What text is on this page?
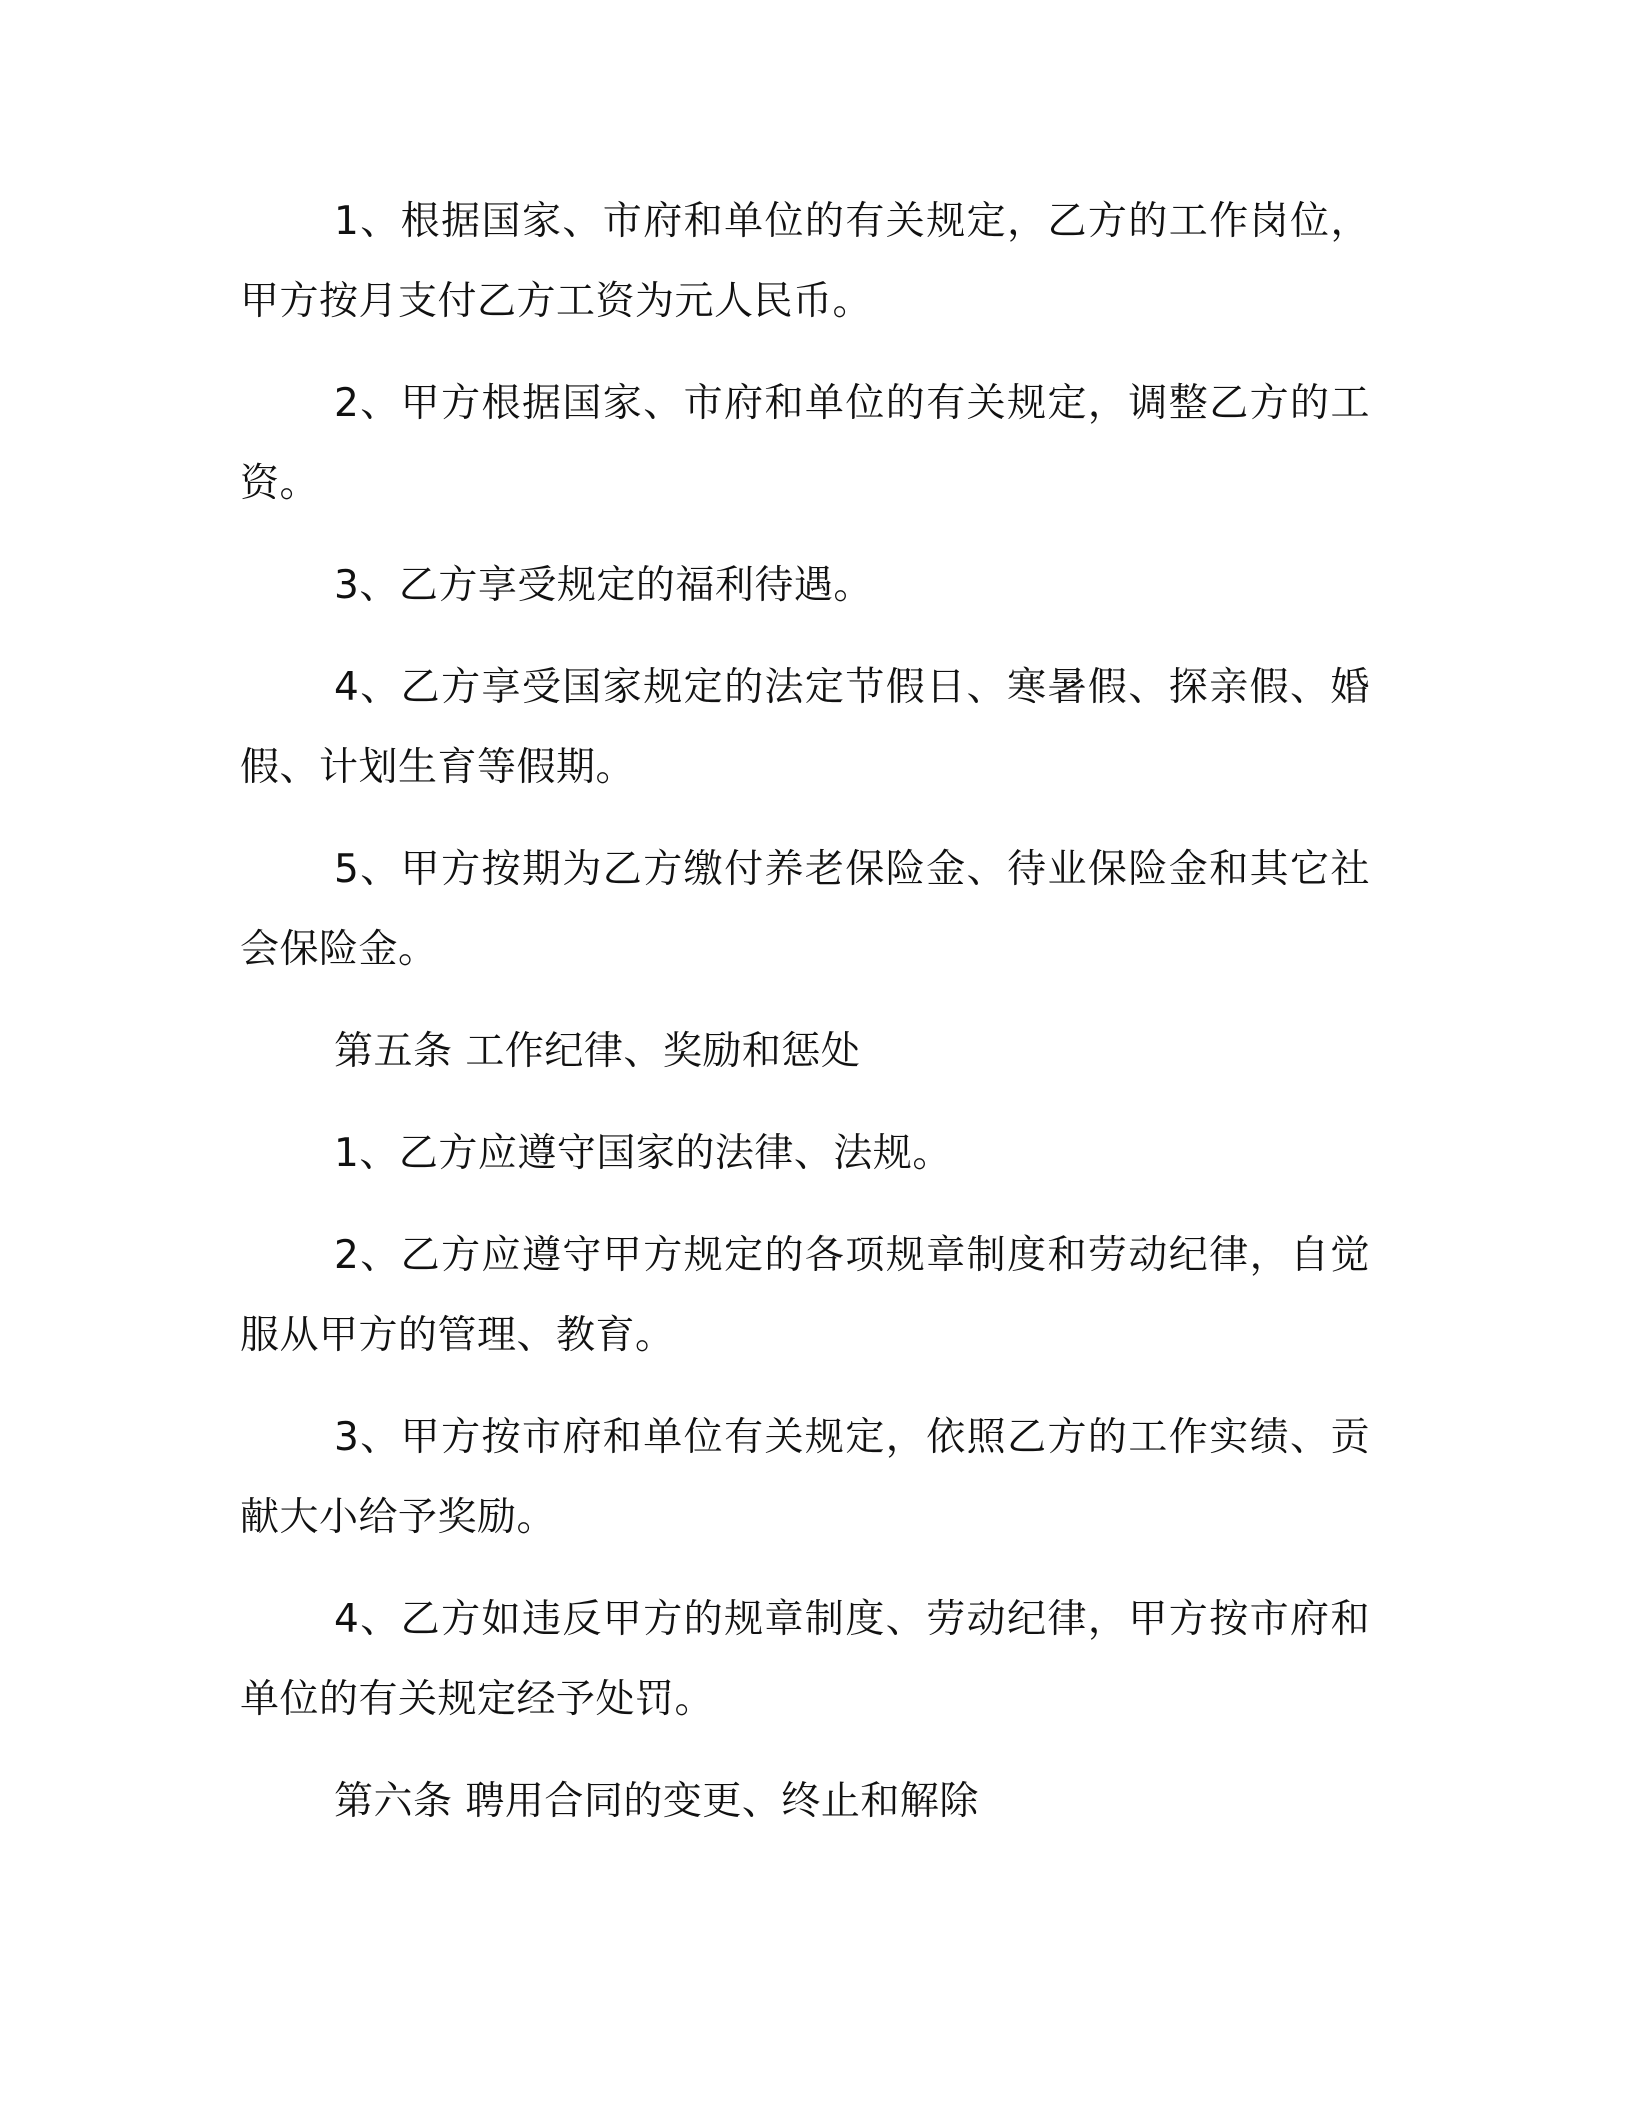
1、根据国家、市府和单位的有关规定，乙方的工作岗位，甲方按月支付乙方工资为元人民币。

2、甲方根据国家、市府和单位的有关规定，调整乙方的工资。

3、乙方享受规定的福利待遇。

4、乙方享受国家规定的法定节假日、寒暑假、探亲假、婚假、计划生育等假期。

5、甲方按期为乙方缴付养老保险金、待业保险金和其它社会保险金。

第五条 工作纪律、奖励和惩处

1、乙方应遵守国家的法律、法规。

2、乙方应遵守甲方规定的各项规章制度和劳动纪律，自觉服从甲方的管理、教育。

3、甲方按市府和单位有关规定，依照乙方的工作实绩、贡献大小给予奖励。

4、乙方如违反甲方的规章制度、劳动纪律，甲方按市府和单位的有关规定经予处罚。

第六条 聘用合同的变更、终止和解除
